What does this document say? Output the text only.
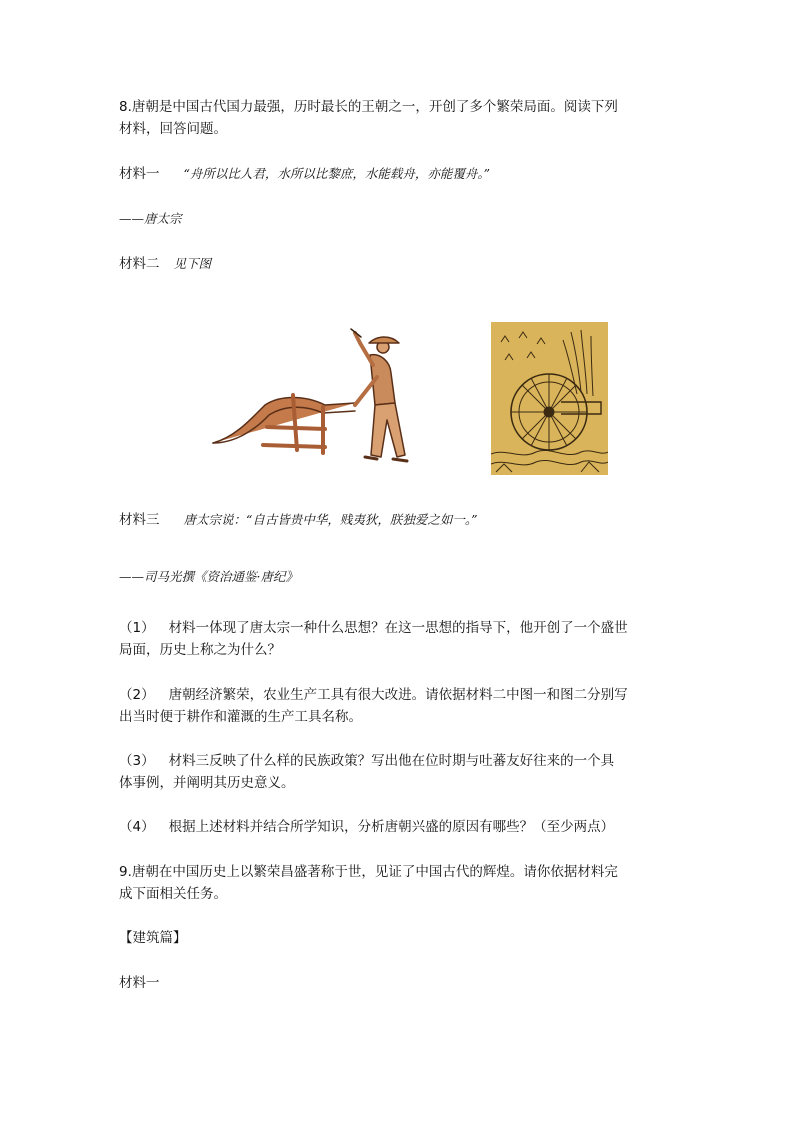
8.唐朝是中国古代国力最强，历时最长的王朝之一，开创了多个繁荣局面。阅读下列
材料，回答问题。
材料一 “舟所以比人君，水所以比黎庶，水能载舟，亦能覆舟。”
——唐太宗
材料二 见下图
材料三 唐太宗说：“自古皆贵中华，贱夷狄，朕独爱之如一。”
——司马光撰《资治通鉴·唐纪》
（1） 材料一体现了唐太宗一种什么思想？在这一思想的指导下，他开创了一个盛世
局面，历史上称之为什么？
（2） 唐朝经济繁荣，农业生产工具有很大改进。请依据材料二中图一和图二分别写
出当时便于耕作和灌溉的生产工具名称。
（3） 材料三反映了什么样的民族政策？写出他在位时期与吐蕃友好往来的一个具
体事例，并阐明其历史意义。
（4） 根据上述材料并结合所学知识，分析唐朝兴盛的原因有哪些？（至少两点）
9.唐朝在中国历史上以繁荣昌盛著称于世，见证了中国古代的辉煌。请你依据材料完
成下面相关任务。
【建筑篇】
材料一
